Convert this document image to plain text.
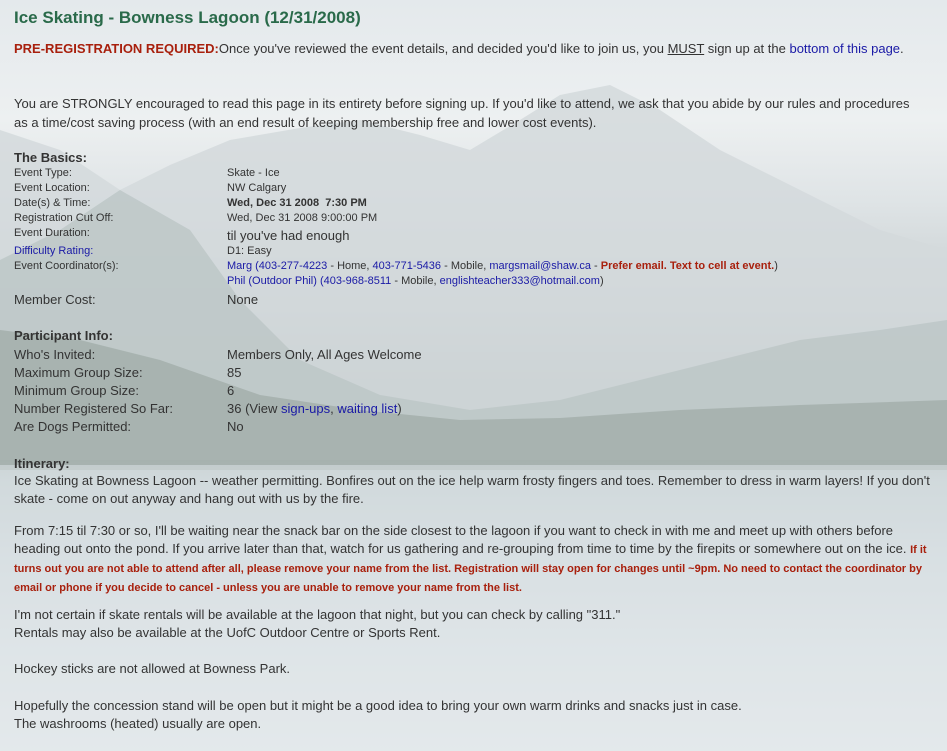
Ice Skating - Bowness Lagoon (12/31/2008)
PRE-REGISTRATION REQUIRED:Once you've reviewed the event details, and decided you'd like to join us, you MUST sign up at the bottom of this page.
You are STRONGLY encouraged to read this page in its entirety before signing up. If you'd like to attend, we ask that you abide by our rules and procedures as a time/cost saving process (with an end result of keeping membership free and lower cost events).
The Basics:
Event Type:	Skate - Ice
Event Location:	NW Calgary
Date(s) & Time:	Wed, Dec 31 2008  7:30 PM
Registration Cut Off:	Wed, Dec 31 2008 9:00:00 PM
Event Duration:	til you've had enough
Difficulty Rating:	D1: Easy
Event Coordinator(s):	Marg (403-277-4223 - Home, 403-771-5436 - Mobile, margsmail@shaw.ca - Prefer email. Text to cell at event.)
Phil (Outdoor Phil) (403-968-8511 - Mobile, englishteacher333@hotmail.com)
Member Cost:	None
Participant Info:
Who's Invited:	Members Only, All Ages Welcome
Maximum Group Size:	85
Minimum Group Size:	6
Number Registered So Far:	36 (View sign-ups, waiting list)
Are Dogs Permitted:	No
Itinerary:
Ice Skating at Bowness Lagoon -- weather permitting. Bonfires out on the ice help warm frosty fingers and toes. Remember to dress in warm layers! If you don't skate - come on out anyway and hang out with us by the fire.
From 7:15 til 7:30 or so, I'll be waiting near the snack bar on the side closest to the lagoon if you want to check in with me and meet up with others before heading out onto the pond. If you arrive later than that, watch for us gathering and re-grouping from time to time by the firepits or somewhere out on the ice. If it turns out you are not able to attend after all, please remove your name from the list. Registration will stay open for changes until ~9pm. No need to contact the coordinator by email or phone if you decide to cancel - unless you are unable to remove your name from the list.
I'm not certain if skate rentals will be available at the lagoon that night, but you can check by calling "311."
Rentals may also be available at the UofC Outdoor Centre or Sports Rent.
Hockey sticks are not allowed at Bowness Park.
Hopefully the concession stand will be open but it might be a good idea to bring your own warm drinks and snacks just in case.
The washrooms (heated) usually are open.
